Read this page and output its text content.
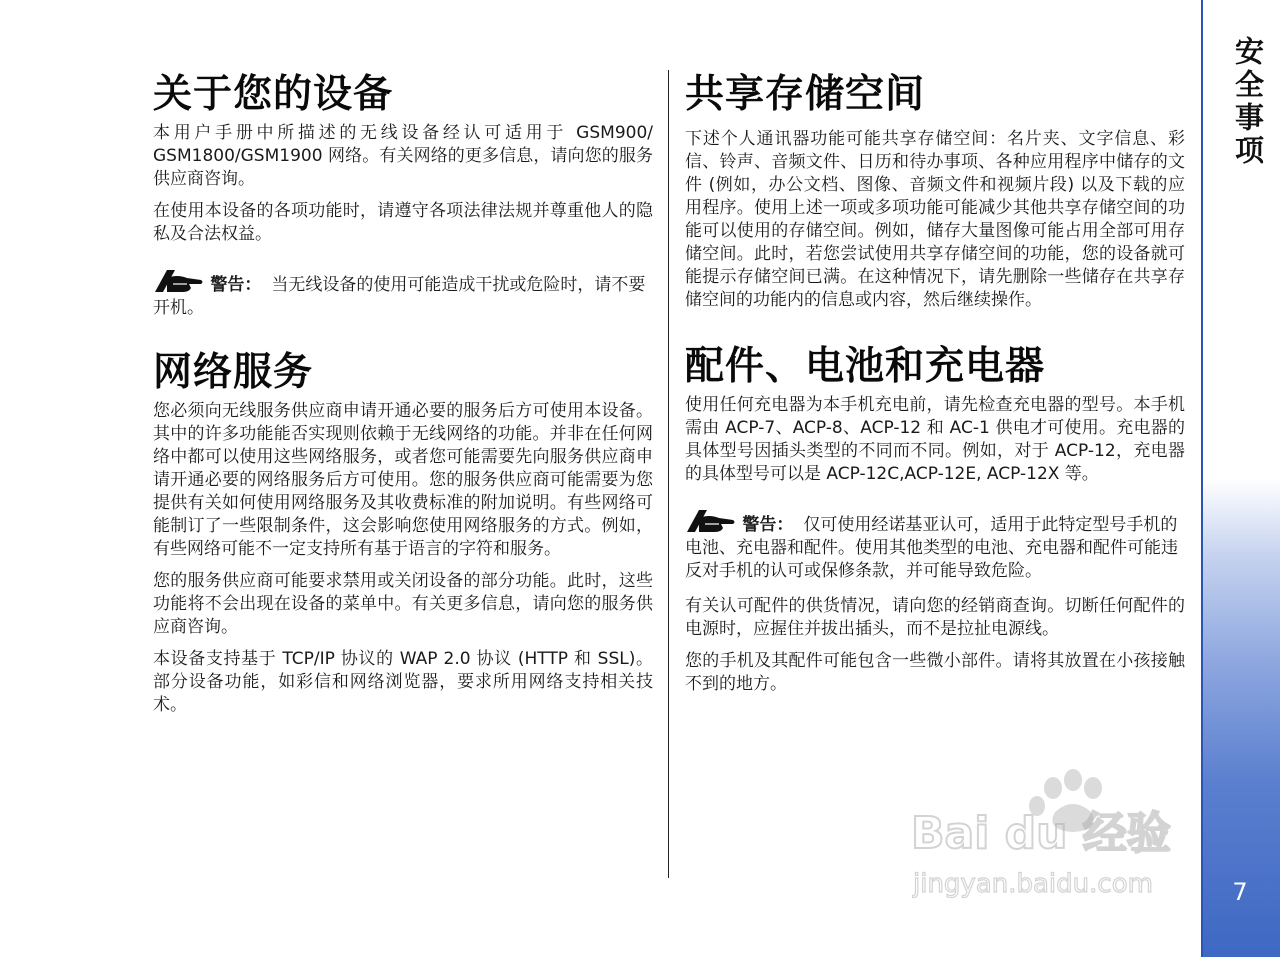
关于您的设备

本用户手册中所描述的无线设备经认可适用于 GSM900/ GSM1800/GSM1900 网络。有关网络的更多信息，请向您的服务供应商咨询。

在使用本设备的各项功能时，请遵守各项法律法规并尊重他人的隐私及合法权益。

警告： 当无线设备的使用可能造成干扰或危险时，请不要开机。
网络服务

您必须向无线服务供应商申请开通必要的服务后方可使用本设备。其中的许多功能能否实现则依赖于无线网络的功能。并非在任何网络中都可以使用这些网络服务，或者您可能需要先向服务供应商申请开通必要的网络服务后方可使用。您的服务供应商可能需要为您提供有关如何使用网络服务及其收费标准的附加说明。有些网络可能制订了一些限制条件，这会影响您使用网络服务的方式。例如，有些网络可能不一定支持所有基于语言的字符和服务。

您的服务供应商可能要求禁用或关闭设备的部分功能。此时，这些功能将不会出现在设备的菜单中。有关更多信息，请向您的服务供应商咨询。

本设备支持基于 TCP/IP 协议的 WAP 2.0 协议 (HTTP 和 SSL)。部分设备功能，如彩信和网络浏览器，要求所用网络支持相关技术。

共享存储空间

下述个人通讯器功能可能共享存储空间：名片夹、文字信息、彩信、铃声、音频文件、日历和待办事项、各种应用程序中储存的文件 (例如，办公文档、图像、音频文件和视频片段) 以及下载的应用程序。使用上述一项或多项功能可能减少其他共享存储空间的功能可以使用的存储空间。例如，储存大量图像可能占用全部可用存储空间。此时，若您尝试使用共享存储空间的功能，您的设备就可能提示存储空间已满。在这种情况下，请先删除一些储存在共享存储空间的功能内的信息或内容，然后继续操作。

配件、电池和充电器

使用任何充电器为本手机充电前，请先检查充电器的型号。本手机需由 ACP-7、ACP-8、ACP-12 和 AC-1 供电才可使用。充电器的具体型号因插头类型的不同而不同。例如，对于 ACP-12，充电器的具体型号可以是 ACP-12C,ACP-12E, ACP-12X 等。

警告： 仅可使用经诺基亚认可，适用于此特定型号手机的电池、充电器和配件。使用其他类型的电池、充电器和配件可能违反对手机的认可或保修条款，并可能导致危险。

有关认可配件的供货情况，请向您的经销商查询。切断任何配件的电源时，应握住并拔出插头，而不是拉扯电源线。

您的手机及其配件可能包含一些微小部件。请将其放置在小孩接触不到的地方。

安全事项
7
Bai du 经验
jingyan.baidu.com
